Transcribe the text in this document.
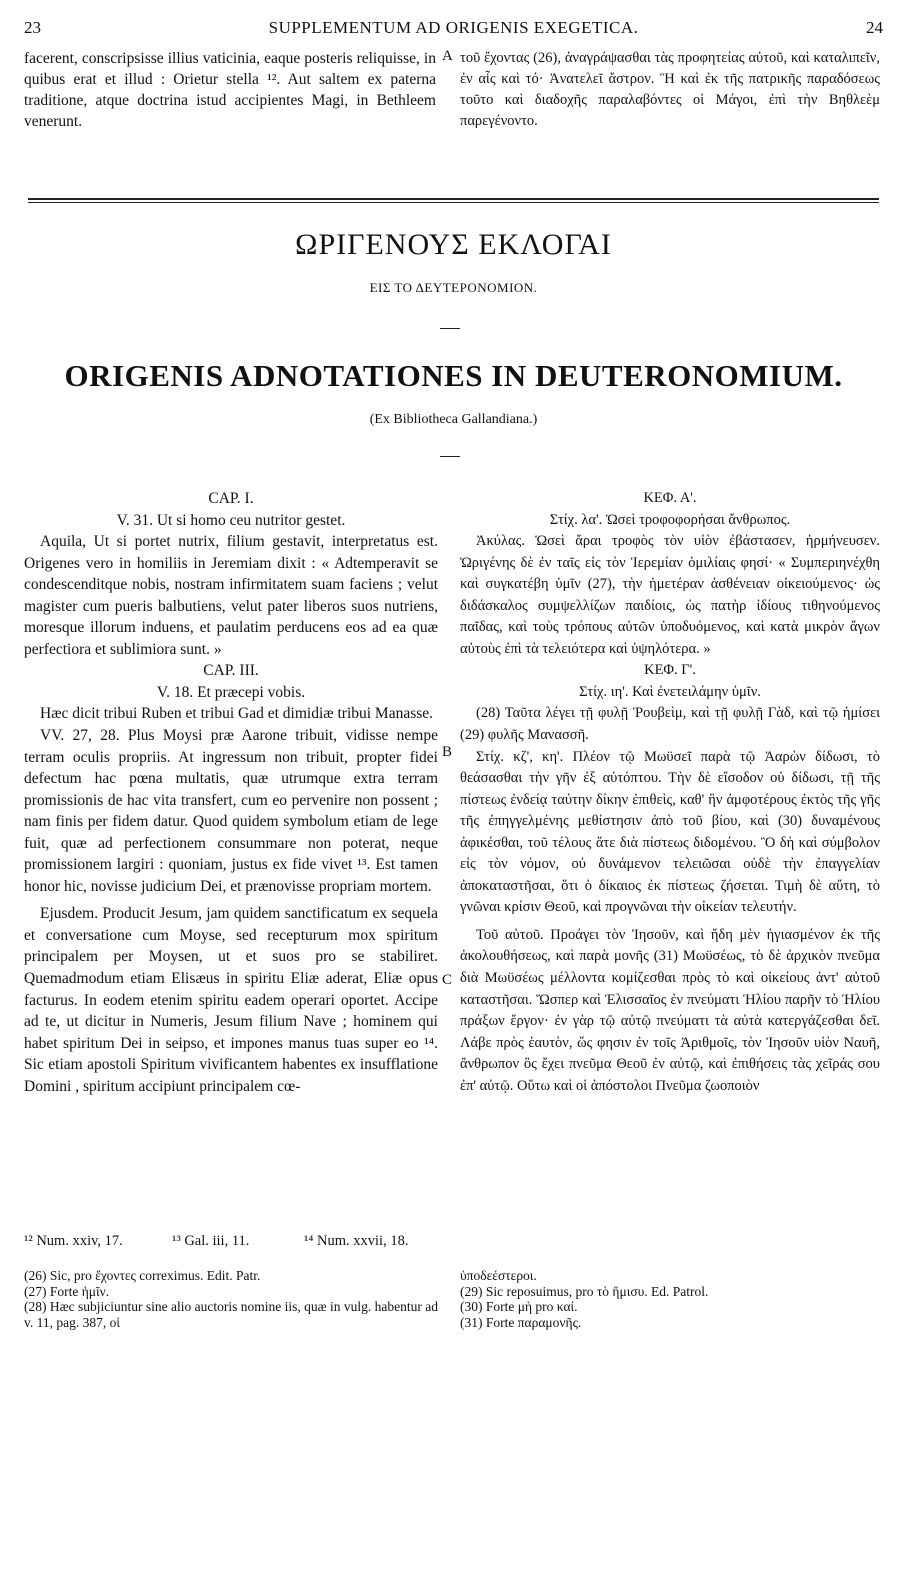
23	SUPPLEMENTUM AD ORIGENIS EXEGETICA.	24

facerent, conscripsisse illius vaticinia, eaque posteris reliquisse, in quibus erat et illud : Orietur stella ¹². Aut saltem ex paterna traditione, atque doctrina istud accipientes Magi, in Bethleem venerunt.

A τοῦ ἔχοντας (26), ἀναγράψασθαι τὰς προφητείας αὐτοῦ, καὶ καταλιπεῖν, ἐν αἷς καὶ τό· Ἀνατελεῖ ἄστρον. Ἢ καὶ ἐκ τῆς πατρικῆς παραδόσεως τοῦτο καὶ διαδοχῆς παραλαβόντες οἱ Μάγοι, ἐπὶ τὴν Βηθλεὲμ παρεγένοντο.

ΩΡΙΓΕΝΟΥΣ ΕΚΛΟΓΑΙ
ΕΙΣ ΤΟ ΔΕΥΤΕΡΟΝΟΜΙΟΝ.
ORIGENIS ADNOTATIONES IN DEUTERONOMIUM.
(Ex Bibliotheca Gallandiana.)

CAP. I.

V. 31. Ut si homo ceu nutritor gestet.

Aquila, Ut si portet nutrix, filium gestavit, interpretatus est. Origenes vero in homiliis in Jeremiam dixit : « Adtemperavit se condescenditque nobis, nostram infirmitatem suam faciens ; velut magister cum pueris balbutiens, velut pater liberos suos nutriens, moresque illorum induens, et paulatim perducens eos ad ea quæ perfectiora et sublimiora sunt. »

CAP. III.

V. 18. Et præcepi vobis.

Hæc dicit tribui Ruben et tribui Gad et dimidiæ tribui Manasse.

VV. 27, 28. Plus Moysi præ Aarone tribuit, vidisse nempe terram oculis propriis. At ingressum non tribuit, propter fidei defectum hac pœna multatis, quæ utrumque extra terram promissionis de hac vita transfert, cum eo pervenire non possent ; nam finis per fidem datur. Quod quidem symbolum etiam de lege fuit, quæ ad perfectionem consummare non poterat, neque promissionem largiri : quoniam, justus ex fide vivet ¹³. Est tamen honor hic, novisse judicium Dei, et prænovisse propriam mortem.

Ejusdem. Producit Jesum, jam quidem sanctificatum ex sequela et conversatione cum Moyse, sed recepturum mox spiritum principalem per Moysen, ut et suos pro se stabiliret. Quemadmodum etiam Elisæus in spiritu Eliæ aderat, Eliæ opus facturus. In eodem etenim spiritu eadem operari oportet. Accipe ad te, ut dicitur in Numeris, Jesum filium Nave ; hominem qui habet spiritum Dei in seipso, et impones manus tuas super eo ¹⁴. Sic etiam apostoli Spiritum vivificantem habentes ex insufflatione Domini , spiritum accipiunt principalem cœ-

B
C

ΚΕΦ. Α'.

Στίχ. λα'. Ὡσεὶ τροφοφορήσαι ἄνθρωπος.

Ἀκύλας. Ὡσεὶ ἄραι τροφὸς τὸν υἱὸν ἐβάστασεν, ἡρμήνευσεν. Ὠριγένης δὲ ἐν ταῖς εἰς τὸν Ἱερεμίαν ὁμιλίαις φησί· « Συμπεριηνέχθη καὶ συγκατέβη ὑμῖν (27), τὴν ἡμετέραν ἀσθένειαν οἰκειούμενος· ὡς διδάσκαλος συμψελλίζων παιδίοις, ὡς πατὴρ ἰδίους τιθηνούμενος παῖδας, καὶ τοὺς τρόπους αὐτῶν ὑποδυόμενος, καὶ κατὰ μικρὸν ἄγων αὐτοὺς ἐπὶ τὰ τελειότερα καὶ ὑψηλότερα. »

ΚΕΦ. Γ'.

Στίχ. ιη'. Καὶ ἐνετειλάμην ὑμῖν.

(28) Ταῦτα λέγει τῇ φυλῇ Ῥουβεὶμ, καὶ τῇ φυλῇ Γὰδ, καὶ τῷ ἡμίσει (29) φυλῆς Μανασσῆ.

Στίχ. κζ', κη'. Πλέον τῷ Μωϋσεῖ παρὰ τῷ Ἀαρὼν δίδωσι, τὸ θεάσασθαι τὴν γῆν ἐξ αὐτόπτου. Τὴν δὲ εἴσοδον οὐ δίδωσι, τῇ τῆς πίστεως ἐνδείᾳ ταύτην δίκην ἐπιθεὶς, καθ' ἣν ἀμφοτέρους ἐκτὸς τῆς γῆς τῆς ἐπηγγελμένης μεθίστησιν ἀπὸ τοῦ βίου, καὶ (30) δυναμένους ἀφικέσθαι, τοῦ τέλους ἅτε διὰ πίστεως διδομένου. Ὃ δὴ καὶ σύμβολον εἰς τὸν νόμον, οὐ δυνάμενον τελειῶσαι οὐδὲ τὴν ἐπαγγελίαν ἀποκαταστῆσαι, ὅτι ὁ δίκαιος ἐκ πίστεως ζήσεται. Τιμὴ δὲ αὕτη, τὸ γνῶναι κρίσιν Θεοῦ, καὶ προγνῶναι τὴν οἰκείαν τελευτήν.

Τοῦ αὐτοῦ. Προάγει τὸν Ἰησοῦν, καὶ ἤδη μὲν ἡγιασμένον ἐκ τῆς ἀκολουθήσεως, καὶ παρὰ μονῆς (31) Μωϋσέως, τὸ δὲ ἀρχικὸν πνεῦμα διὰ Μωϋσέως μέλλοντα κομίζεσθαι πρὸς τὸ καὶ οἰκείους ἀντ' αὐτοῦ καταστῆσαι. Ὥσπερ καὶ Ἐλισσαῖος ἐν πνεύματι Ἡλίου παρῆν τὸ Ἡλίου πράξων ἔργον· ἐν γὰρ τῷ αὐτῷ πνεύματι τὰ αὐτὰ κατεργάζεσθαι δεῖ. Λάβε πρὸς ἑαυτὸν, ὥς φησιν ἐν τοῖς Ἀριθμοῖς, τὸν Ἰησοῦν υἱὸν Ναυῆ, ἄνθρωπον ὃς ἔχει πνεῦμα Θεοῦ ἐν αὐτῷ, καὶ ἐπιθήσεις τὰς χεῖράς σου ἐπ' αὐτῷ. Οὕτω καὶ οἱ ἀπόστολοι Πνεῦμα ζωοποιὸν

¹² Num. xxiv, 17.	¹³ Gal. iii, 11.	¹⁴ Num. xxvii, 18.

(26) Sic, pro ἔχοντες correximus. Edit. Patr.

(27) Forte ἡμῖν.

(28) Hæc subjiciuntur sine alio auctoris nomine iis, quæ in vulg. habentur ad v. 11, pag. 387, οἱ

ὑποδεέστεροι.

(29) Sic reposuimus, pro τὸ ἥμισυ. Ed. Patrol.

(30) Forte μὴ pro καί.

(31) Forte παραμονῆς.
